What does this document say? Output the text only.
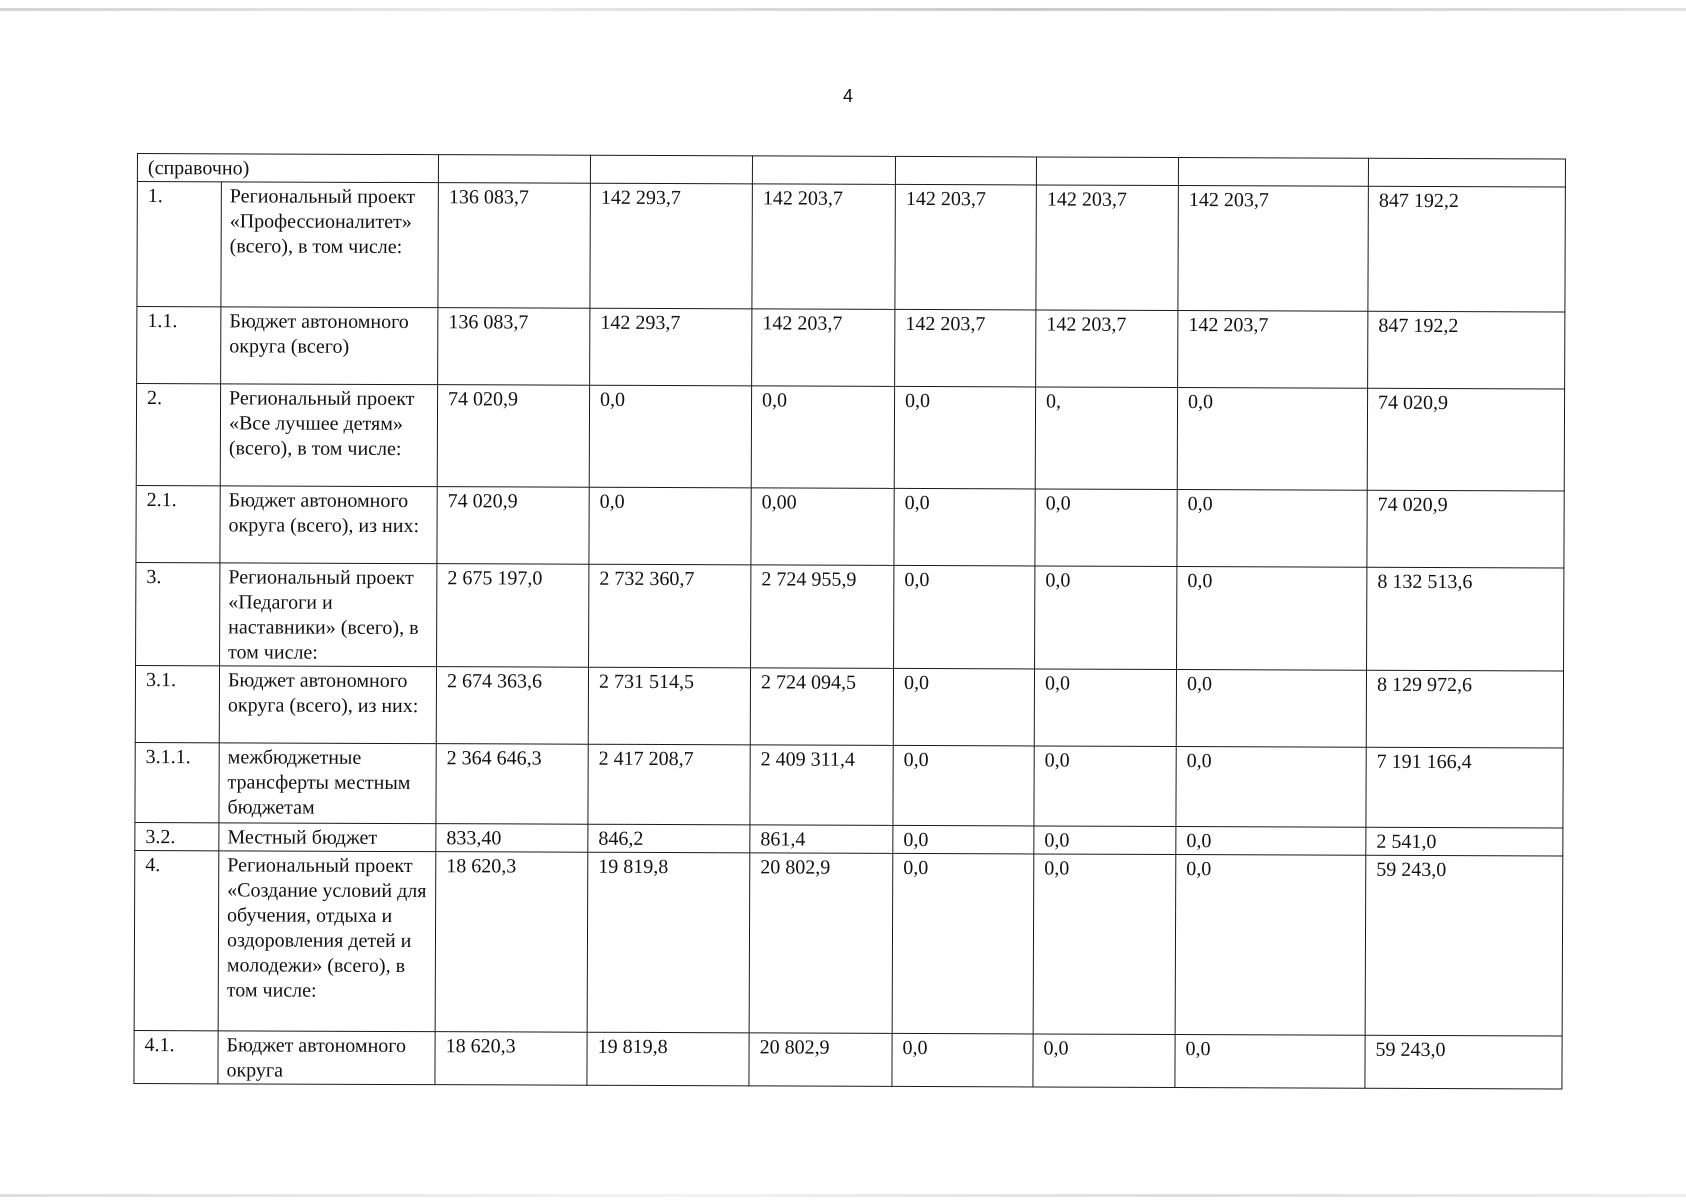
4
(справочно)								
1.	Региональный проект «Профессионалитет» (всего), в том числе:	136 083,7	142 293,7	142 203,7	142 203,7	142 203,7	142 203,7	847 192,2
1.1.	Бюджет автономного округа (всего)	136 083,7	142 293,7	142 203,7	142 203,7	142 203,7	142 203,7	847 192,2
2.	Региональный проект «Все лучшее детям» (всего), в том числе:	74 020,9	0,0	0,0	0,0	0,	0,0	74 020,9
2.1.	Бюджет автономного округа (всего), из них:	74 020,9	0,0	0,00	0,0	0,0	0,0	74 020,9
3.	Региональный проект «Педагоги и наставники» (всего), в том числе:	2 675 197,0	2 732 360,7	2 724 955,9	0,0	0,0	0,0	8 132 513,6
3.1.	Бюджет автономного округа (всего), из них:	2 674 363,6	2 731 514,5	2 724 094,5	0,0	0,0	0,0	8 129 972,6
3.1.1.	межбюджетные трансферты местным бюджетам	2 364 646,3	2 417 208,7	2 409 311,4	0,0	0,0	0,0	7 191 166,4
3.2.	Местный бюджет	833,40	846,2	861,4	0,0	0,0	0,0	2 541,0
4.	Региональный проект «Создание условий для обучения, отдыха и оздоровления детей и молодежи» (всего), в том числе:	18 620,3	19 819,8	20 802,9	0,0	0,0	0,0	59 243,0
4.1.	Бюджет автономного округа	18 620,3	19 819,8	20 802,9	0,0	0,0	0,0	59 243,0
